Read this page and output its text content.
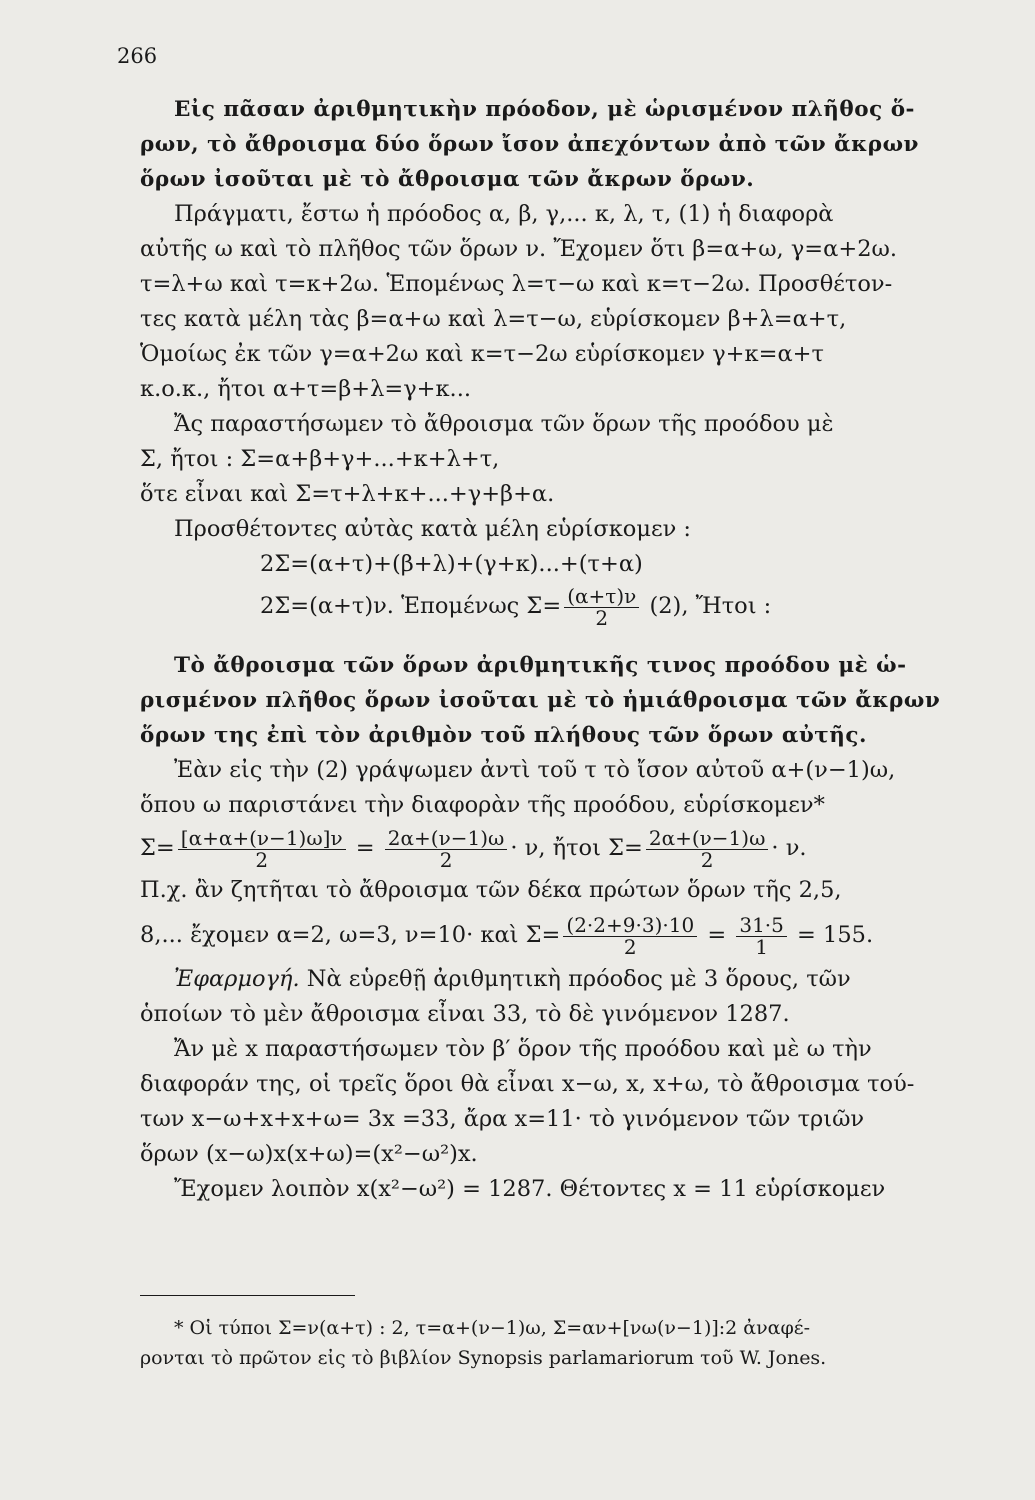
266

Εἰς πᾶσαν ἀριθμητικὴν πρόοδον, μὲ ὡρισμένον πλῆθος ὅ-

ρων, τὸ ἄθροισμα δύο ὅρων ἴσον ἀπεχόντων ἀπὸ τῶν ἄκρων

ὅρων ἰσοῦται μὲ τὸ ἄθροισμα τῶν ἄκρων ὅρων.

Πράγματι, ἔστω ἡ πρόοδος α, β, γ,... κ, λ, τ, (1) ἡ διαφορὰ

αὐτῆς ω καὶ τὸ πλῆθος τῶν ὅρων ν. Ἔχομεν ὅτι β=α+ω, γ=α+2ω.

τ=λ+ω καὶ τ=κ+2ω. Ἑπομένως λ=τ−ω καὶ κ=τ−2ω. Προσθέτον-

τες κατὰ μέλη τὰς β=α+ω καὶ λ=τ−ω, εὑρίσκομεν β+λ=α+τ,

Ὁμοίως ἐκ τῶν γ=α+2ω καὶ κ=τ−2ω εὑρίσκομεν γ+κ=α+τ

κ.ο.κ., ἤτοι α+τ=β+λ=γ+κ...

Ἄς παραστήσωμεν τὸ ἄθροισμα τῶν ὅρων τῆς προόδου μὲ

Σ, ἤτοι : Σ=α+β+γ+...+κ+λ+τ,

ὅτε εἶναι καὶ Σ=τ+λ+κ+...+γ+β+α.

Προσθέτοντες αὐτὰς κατὰ μέλη εὑρίσκομεν :

2Σ=(α+τ)+(β+λ)+(γ+κ)...+(τ+α)

2Σ=(α+τ)ν. Ἑπομένως $\Sigma= \frac{(\alpha+\tau)\nu}{2} (2)$, Ἤτοι :

Τὸ ἄθροισμα τῶν ὅρων ἀριθμητικῆς τινος προόδου μὲ ὡ-

ρισμένον πλῆθος ὅρων ἰσοῦται μὲ τὸ ἡμιάθροισμα τῶν ἄκρων

ὅρων της ἐπὶ τὸν ἀριθμὸν τοῦ πλήθους τῶν ὅρων αὐτῆς.

Ἐὰν εἰς τὴν (2) γράψωμεν ἀντὶ τοῦ τ τὸ ἴσον αὐτοῦ α+(ν−1)ω,

ὅπου ω παριστάνει τὴν διαφορὰν τῆς προόδου, εὑρίσκομεν*

$\Sigma= \frac{[\alpha+\alpha+(\nu-1)\omega]\nu}{2} = \frac{2\alpha+(\nu-1)\omega}{2} \cdot \nu$, ἤτοι $\Sigma= \frac{2\alpha+(\nu-1)\omega}{2} \cdot \nu$.

Π.χ. ἂν ζητῆται τὸ ἄθροισμα τῶν δέκα πρώτων ὅρων τῆς 2,5,

8,... ἔχομεν α=2, ω=3, ν=10· καὶ $\Sigma= \frac{(2\cdot 2+9\cdot 3)\cdot 10}{2} = \frac{31\cdot 5}{1} = 155$.

Ἐφαρμογή. Νὰ εὑρεθῇ ἀριθμητικὴ πρόοδος μὲ 3 ὅρους, τῶν

ὁποίων τὸ μὲν ἄθροισμα εἶναι 33, τὸ δὲ γινόμενον 1287.

Ἄν μὲ x παραστήσωμεν τὸν β′ ὅρον τῆς προόδου καὶ μὲ ω τὴν

διαφοράν της, οἱ τρεῖς ὅροι θὰ εἶναι x−ω, x, x+ω, τὸ ἄθροισμα τού-

των x−ω+x+x+ω= 3x =33, ἄρα x=11· τὸ γινόμενον τῶν τριῶν

ὅρων (x−ω)x(x+ω)=(x²−ω²)x.

Ἔχομεν λοιπὸν x(x²−ω²) = 1287. Θέτοντες x = 11 εὑρίσκομεν

* Οἱ τύποι Σ=ν(α+τ) : 2, τ=α+(ν−1)ω, Σ=αν+[νω(ν−1)]:2 ἀναφέ-

ρονται τὸ πρῶτον εἰς τὸ βιβλίον Synopsis parlamariorum τοῦ W. Jones.
